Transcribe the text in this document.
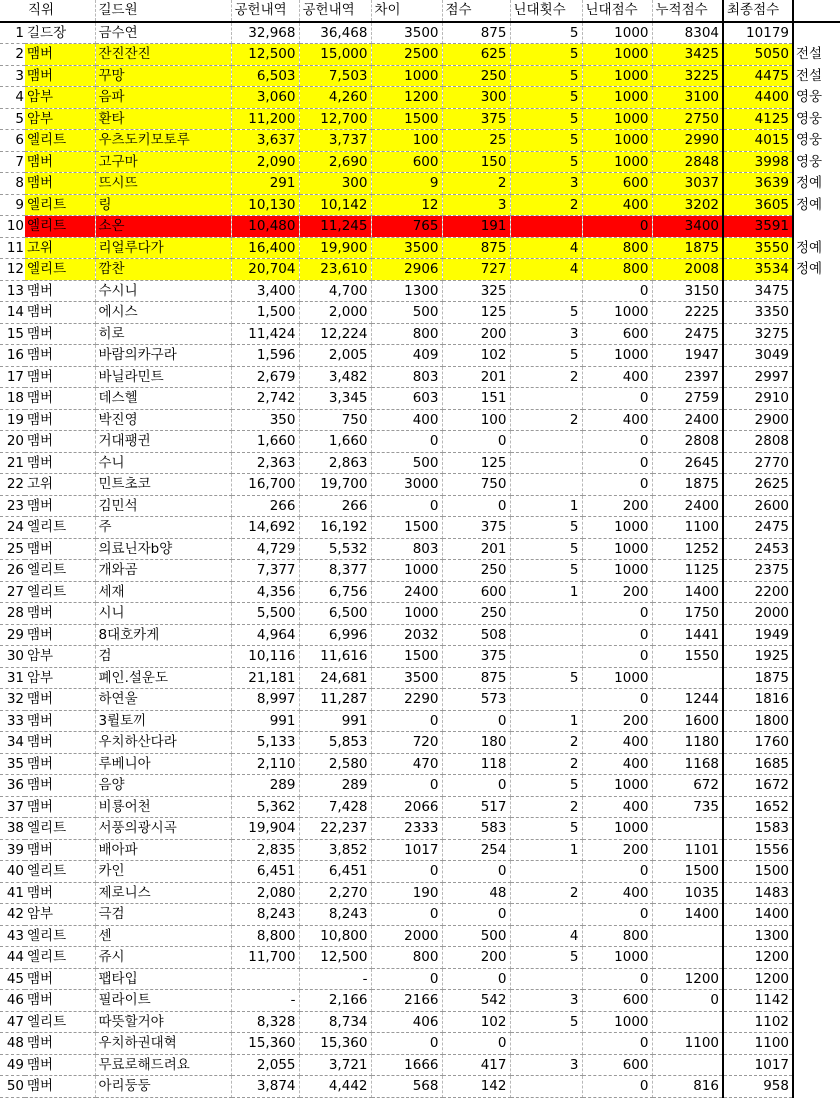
	직위	길드원	공헌내역	공헌내역	차이	점수	닌대횟수	닌대점수	누적점수	최종점수	
1	길드장	금수연	32,968	36,468	3500	875	5	1000	8304	10179	
2	맴버	잔진잔진	12,500	15,000	2500	625	5	1000	3425	5050	전설
3	맴버	꾸망	6,503	7,503	1000	250	5	1000	3225	4475	전설
4	암부	음파	3,060	4,260	1200	300	5	1000	3100	4400	영웅
5	암부	환타	11,200	12,700	1500	375	5	1000	2750	4125	영웅
6	엘리트	우츠도키모토루	3,637	3,737	100	25	5	1000	2990	4015	영웅
7	맴버	고구마	2,090	2,690	600	150	5	1000	2848	3998	영웅
8	맴버	뜨시뜨	291	300	9	2	3	600	3037	3639	정예
9	엘리트	링	10,130	10,142	12	3	2	400	3202	3605	정예
10	엘리트	소온	10,480	11,245	765	191		0	3400	3591	
11	고위	리얼루다가	16,400	19,900	3500	875	4	800	1875	3550	정예
12	엘리트	깜찬	20,704	23,610	2906	727	4	800	2008	3534	정예
13	맴버	수시니	3,400	4,700	1300	325		0	3150	3475	
14	맴버	에시스	1,500	2,000	500	125	5	1000	2225	3350	
15	맴버	히로	11,424	12,224	800	200	3	600	2475	3275	
16	맴버	바람의카구라	1,596	2,005	409	102	5	1000	1947	3049	
17	맴버	바닐라민트	2,679	3,482	803	201	2	400	2397	2997	
18	맴버	데스헬	2,742	3,345	603	151		0	2759	2910	
19	맴버	박진영	350	750	400	100	2	400	2400	2900	
20	맴버	거대팽귄	1,660	1,660	0	0		0	2808	2808	
21	맴버	수니	2,363	2,863	500	125		0	2645	2770	
22	고위	민트초코	16,700	19,700	3000	750		0	1875	2625	
23	맴버	김민석	266	266	0	0	1	200	2400	2600	
24	엘리트	주	14,692	16,192	1500	375	5	1000	1100	2475	
25	맴버	의료닌자b양	4,729	5,532	803	201	5	1000	1252	2453	
26	엘리트	개와곰	7,377	8,377	1000	250	5	1000	1125	2375	
27	엘리트	세재	4,356	6,756	2400	600	1	200	1400	2200	
28	맴버	시니	5,500	6,500	1000	250		0	1750	2000	
29	맴버	8대호카게	4,964	6,996	2032	508		0	1441	1949	
30	암부	검	10,116	11,616	1500	375		0	1550	1925	
31	암부	폐인.설운도	21,181	24,681	3500	875	5	1000		1875	
32	맴버	하연울	8,997	11,287	2290	573		0	1244	1816	
33	맴버	3륄토끼	991	991	0	0	1	200	1600	1800	
34	맴버	우치하산다라	5,133	5,853	720	180	2	400	1180	1760	
35	맴버	루베니아	2,110	2,580	470	118	2	400	1168	1685	
36	맴버	음양	289	289	0	0	5	1000	672	1672	
37	맴버	비룡어천	5,362	7,428	2066	517	2	400	735	1652	
38	엘리트	서풍의광시곡	19,904	22,237	2333	583	5	1000		1583	
39	맴버	배아파	2,835	3,852	1017	254	1	200	1101	1556	
40	엘리트	카인	6,451	6,451	0	0		0	1500	1500	
41	맴버	제로니스	2,080	2,270	190	48	2	400	1035	1483	
42	암부	극검	8,243	8,243	0	0		0	1400	1400	
43	엘리트	센	8,800	10,800	2000	500	4	800		1300	
44	엘리트	쥬시	11,700	12,500	800	200	5	1000		1200	
45	맴버	팹타입		-	0	0		0	1200	1200	
46	맴버	필라이트	-	2,166	2166	542	3	600	0	1142	
47	엘리트	따뜻할거야	8,328	8,734	406	102	5	1000		1102	
48	맴버	우치하권대혁	15,360	15,360	0	0		0	1100	1100	
49	맴버	무료로해드려요	2,055	3,721	1666	417	3	600		1017	
50	맴버	아리둥둥	3,874	4,442	568	142		0	816	958	
